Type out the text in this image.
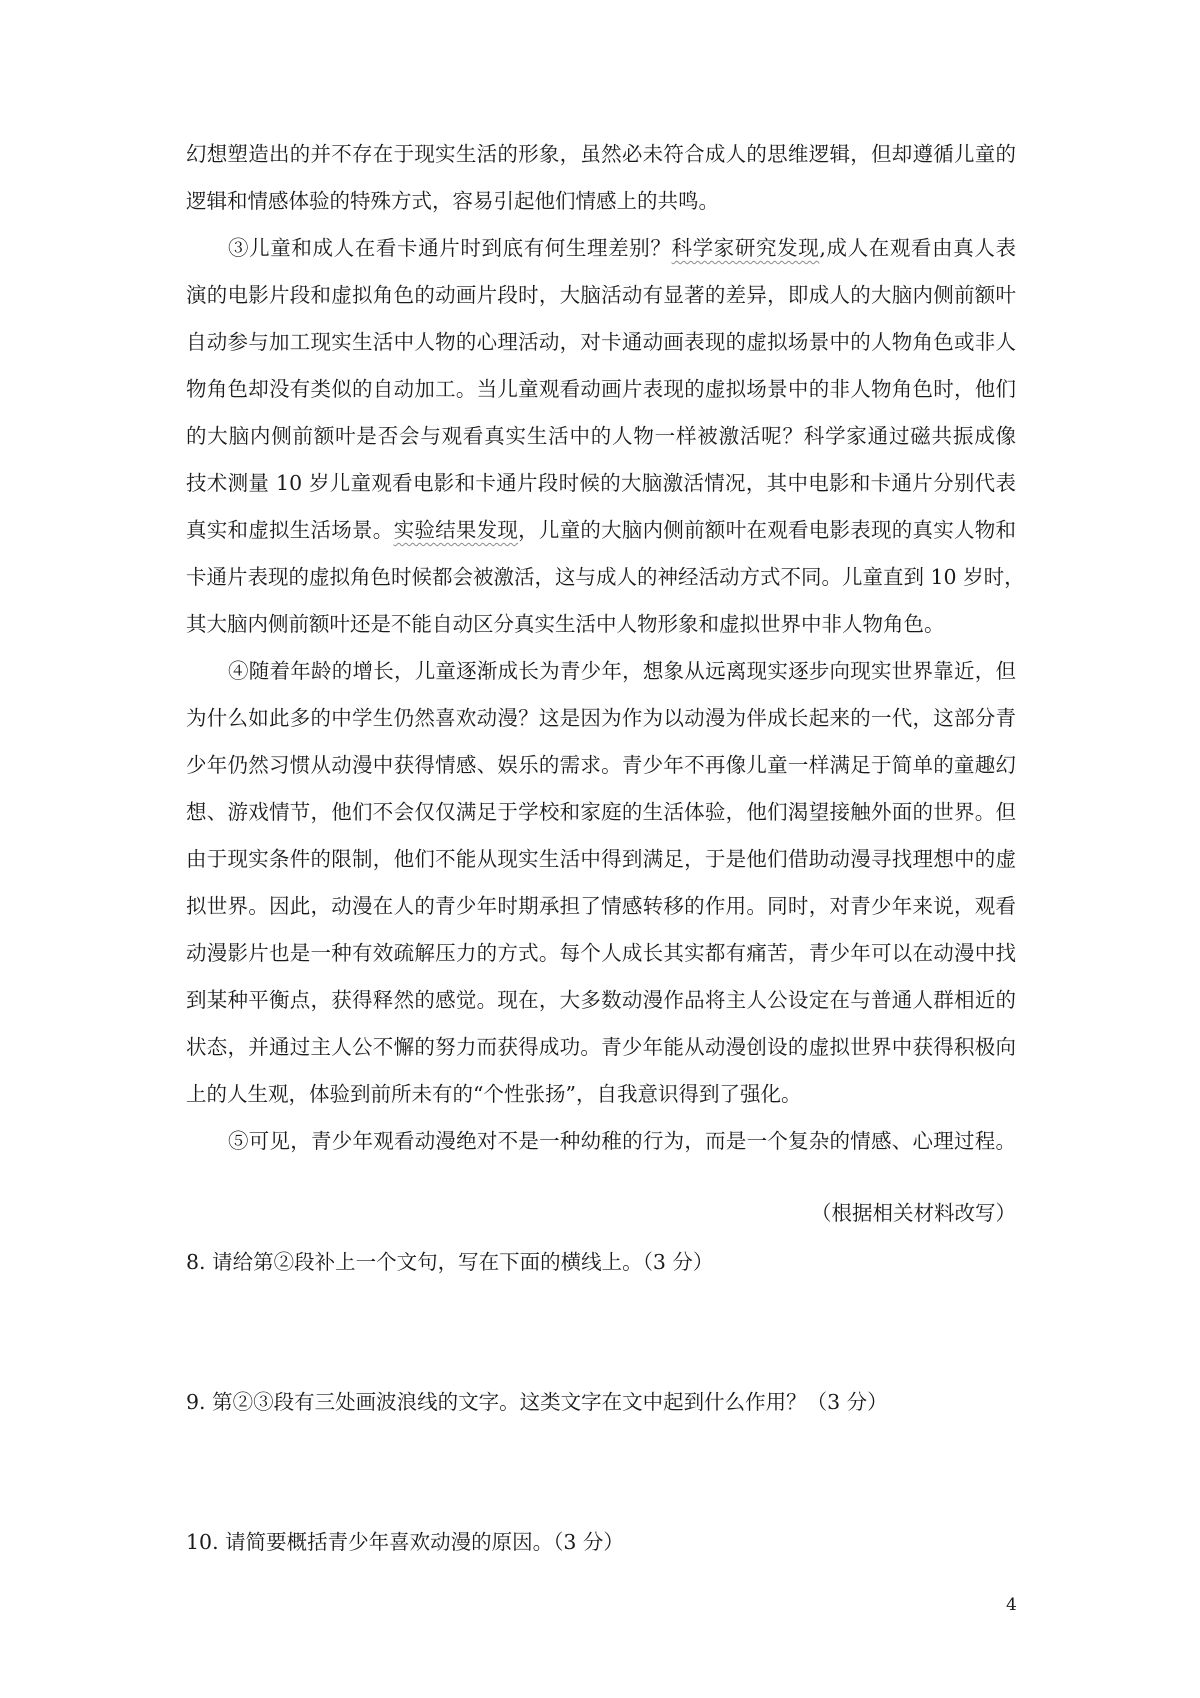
幻想塑造出的并不存在于现实生活的形象，虽然必未符合成人的思维逻辑，但却遵循儿童的
逻辑和情感体验的特殊方式，容易引起他们情感上的共鸣。
③儿童和成人在看卡通片时到底有何生理差别？科学家研究发现,成人在观看由真人表
演的电影片段和虚拟角色的动画片段时，大脑活动有显著的差异，即成人的大脑内侧前额叶
自动参与加工现实生活中人物的心理活动，对卡通动画表现的虚拟场景中的人物角色或非人
物角色却没有类似的自动加工。当儿童观看动画片表现的虚拟场景中的非人物角色时，他们
的大脑内侧前额叶是否会与观看真实生活中的人物一样被激活呢？科学家通过磁共振成像
技术测量 10 岁儿童观看电影和卡通片段时候的大脑激活情况，其中电影和卡通片分别代表
真实和虚拟生活场景。实验结果发现，儿童的大脑内侧前额叶在观看电影表现的真实人物和
卡通片表现的虚拟角色时候都会被激活，这与成人的神经活动方式不同。儿童直到 10 岁时，
其大脑内侧前额叶还是不能自动区分真实生活中人物形象和虚拟世界中非人物角色。
④随着年龄的增长，儿童逐渐成长为青少年，想象从远离现实逐步向现实世界靠近，但
为什么如此多的中学生仍然喜欢动漫？这是因为作为以动漫为伴成长起来的一代，这部分青
少年仍然习惯从动漫中获得情感、娱乐的需求。青少年不再像儿童一样满足于简单的童趣幻
想、游戏情节，他们不会仅仅满足于学校和家庭的生活体验，他们渴望接触外面的世界。但
由于现实条件的限制，他们不能从现实生活中得到满足，于是他们借助动漫寻找理想中的虚
拟世界。因此，动漫在人的青少年时期承担了情感转移的作用。同时，对青少年来说，观看
动漫影片也是一种有效疏解压力的方式。每个人成长其实都有痛苦，青少年可以在动漫中找
到某种平衡点，获得释然的感觉。现在，大多数动漫作品将主人公设定在与普通人群相近的
状态，并通过主人公不懈的努力而获得成功。青少年能从动漫创设的虚拟世界中获得积极向
上的人生观，体验到前所未有的“个性张扬”，自我意识得到了强化。
⑤可见，青少年观看动漫绝对不是一种幼稚的行为，而是一个复杂的情感、心理过程。
（根据相关材料改写）
8. 请给第②段补上一个文句，写在下面的横线上。（3 分）
9. 第②③段有三处画波浪线的文字。这类文字在文中起到什么作用？（3 分）
10. 请简要概括青少年喜欢动漫的原因。（3 分）
4
